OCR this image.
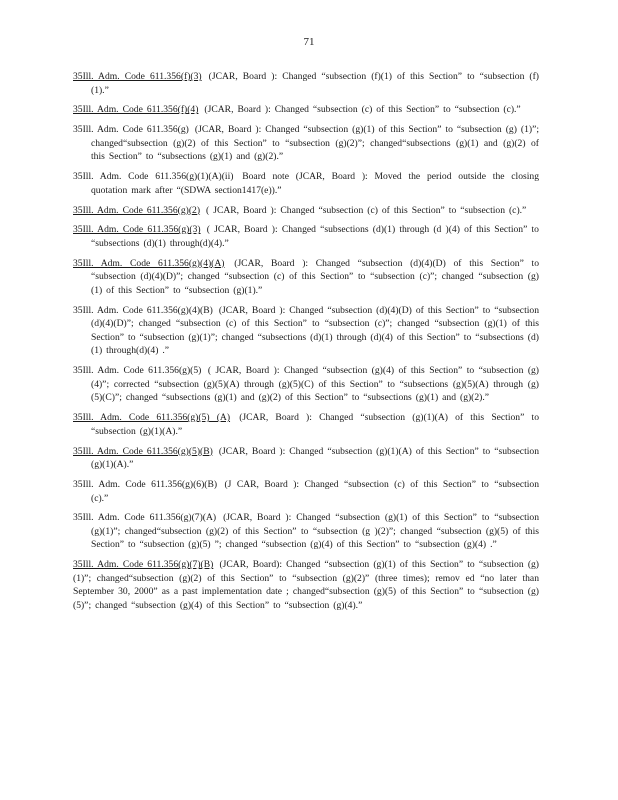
71

35Ill. Adm. Code 611.356(f)(3) (JCAR, Board ): Changed “subsection (f)(1) of this Section” to “subsection (f)(1).”

35Ill. Adm. Code 611.356(f)(4) (JCAR, Board ): Changed “subsection (c) of this Section” to “subsection (c).”

35Ill. Adm. Code 611.356(g) (JCAR, Board ): Changed “subsection (g)(1) of this Section” to “subsection (g) (1)”; changed“subsection (g)(2) of this Section” to “subsection (g)(2)”; changed“subsections (g)(1) and (g)(2) of this Section” to “subsections (g)(1) and (g)(2).”

35Ill. Adm. Code 611.356(g)(1)(A)(ii) Board note (JCAR, Board ): Moved the period outside the closing quotation mark after “(SDWA section1417(e)).”

35Ill. Adm. Code 611.356(g)(2) ( JCAR, Board ): Changed “subsection (c) of this Section” to “subsection (c).”

35Ill. Adm. Code 611.356(g)(3) ( JCAR, Board ): Changed “subsections (d)(1) through (d )(4) of this Section” to “subsections (d)(1) through(d)(4).”

35Ill. Adm. Code 611.356(g)(4)(A) (JCAR, Board ): Changed “subsection (d)(4)(D) of this Section” to “subsection (d)(4)(D)”; changed “subsection (c) of this Section” to “subsection (c)”; changed “subsection (g)(1) of this Section” to “subsection (g)(1).”

35Ill. Adm. Code 611.356(g)(4)(B) (JCAR, Board ): Changed “subsection (d)(4)(D) of this Section” to “subsection (d)(4)(D)”; changed “subsection (c) of this Section” to “subsection (c)”; changed “subsection (g)(1) of this Section” to “subsection (g)(1)”; changed “subsections (d)(1) through (d)(4) of this Section” to “subsections (d)(1) through(d)(4) .”

35Ill. Adm. Code 611.356(g)(5) ( JCAR, Board ): Changed “subsection (g)(4) of this Section” to “subsection (g)(4)”; corrected “subsection (g)(5)(A) through (g)(5)(C) of this Section” to “subsections (g)(5)(A) through (g)(5)(C)”; changed “subsections (g)(1) and (g)(2) of this Section” to “subsections (g)(1) and (g)(2).”

35Ill. Adm. Code 611.356(g)(5) (A) (JCAR, Board ): Changed “subsection (g)(1)(A) of this Section” to “subsection (g)(1)(A).”

35Ill. Adm. Code 611.356(g)(5)(B) (JCAR, Board ): Changed “subsection (g)(1)(A) of this Section” to “subsection (g)(1)(A).”

35Ill. Adm. Code 611.356(g)(6)(B) (J CAR, Board ): Changed “subsection (c) of this Section” to “subsection (c).”

35Ill. Adm. Code 611.356(g)(7)(A) (JCAR, Board ): Changed “subsection (g)(1) of this Section” to “subsection (g)(1)”; changed“subsection (g)(2) of this Section” to “subsection (g )(2)”; changed “subsection (g)(5) of this Section” to “subsection (g)(5) ”; changed “subsection (g)(4) of this Section” to “subsection (g)(4) .”

35Ill. Adm. Code 611.356(g)(7)(B) (JCAR, Board): Changed “subsection (g)(1) of this Section” to “subsection (g) (1)”; changed“subsection (g)(2) of this Section” to “subsection (g)(2)” (three times); remov ed “no later than September 30, 2000” as a past implementation date ; changed“subsection (g)(5) of this Section” to “subsection (g)(5)”; changed “subsection (g)(4) of this Section” to “subsection (g)(4).”
